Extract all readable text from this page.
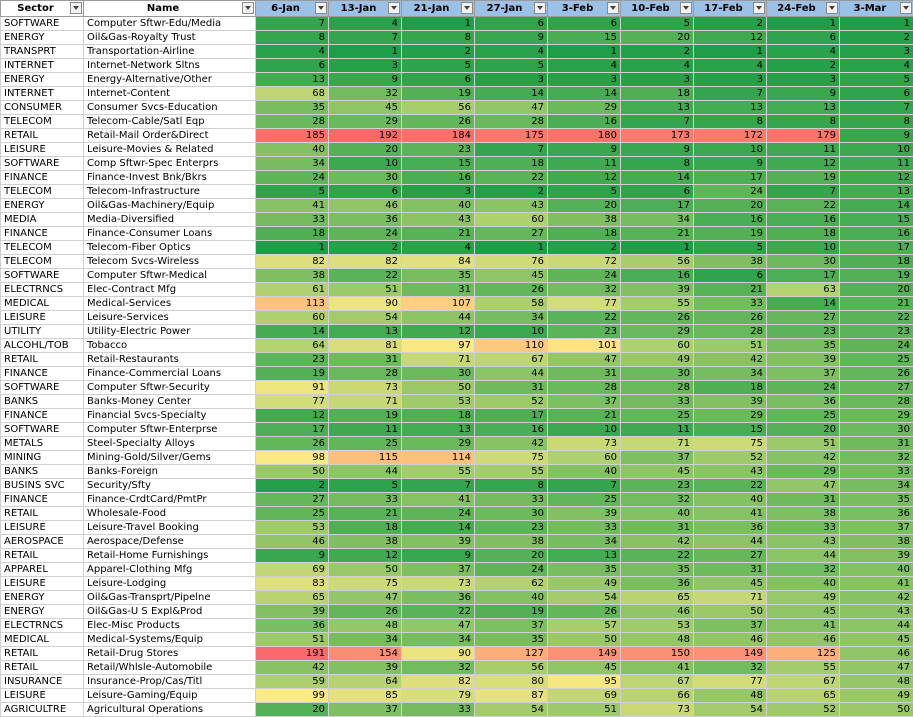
Sector	Name	6-Jan	13-Jan	21-Jan	27-Jan	3-Feb	10-Feb	17-Feb	24-Feb	3-Mar

SOFTWARE	Computer Sftwr-Edu/Media	7	4	1	6	6	5	2	1	1
ENERGY	Oil&Gas-Royalty Trust	8	7	8	9	15	20	12	6	2
TRANSPRT	Transportation-Airline	4	1	2	4	1	2	1	4	3
INTERNET	Internet-Network Sltns	6	3	5	5	4	4	4	2	4
ENERGY	Energy-Alternative/Other	13	9	6	3	3	3	3	3	5
INTERNET	Internet-Content	68	32	19	14	14	18	7	9	6
CONSUMER	Consumer Svcs-Education	35	45	56	47	29	13	13	13	7
TELECOM	Telecom-Cable/Satl Eqp	28	29	26	28	16	7	8	8	8
RETAIL	Retail-Mail Order&Direct	185	192	184	175	180	173	172	179	9
LEISURE	Leisure-Movies & Related	40	20	23	7	9	9	10	11	10
SOFTWARE	Comp Sftwr-Spec Enterprs	34	10	15	18	11	8	9	12	11
FINANCE	Finance-Invest Bnk/Bkrs	24	30	16	22	12	14	17	19	12
TELECOM	Telecom-Infrastructure	5	6	3	2	5	6	24	7	13
ENERGY	Oil&Gas-Machinery/Equip	41	46	40	43	20	17	20	22	14
MEDIA	Media-Diversified	33	36	43	60	38	34	16	16	15
FINANCE	Finance-Consumer Loans	18	24	21	27	18	21	19	18	16
TELECOM	Telecom-Fiber Optics	1	2	4	1	2	1	5	10	17
TELECOM	Telecom Svcs-Wireless	82	82	84	76	72	56	38	30	18
SOFTWARE	Computer Sftwr-Medical	38	22	35	45	24	16	6	17	19
ELECTRNCS	Elec-Contract Mfg	61	51	31	26	32	39	21	63	20
MEDICAL	Medical-Services	113	90	107	58	77	55	33	14	21
LEISURE	Leisure-Services	60	54	44	34	22	26	26	27	22
UTILITY	Utility-Electric Power	14	13	12	10	23	29	28	23	23
ALCOHL/TOB	Tobacco	64	81	97	110	101	60	51	35	24
RETAIL	Retail-Restaurants	23	31	71	67	47	49	42	39	25
FINANCE	Finance-Commercial Loans	19	28	30	44	31	30	34	37	26
SOFTWARE	Computer Sftwr-Security	91	73	50	31	28	28	18	24	27
BANKS	Banks-Money Center	77	71	53	52	37	33	39	36	28
FINANCE	Financial Svcs-Specialty	12	19	18	17	21	25	29	25	29
SOFTWARE	Computer Sftwr-Enterprse	17	11	13	16	10	11	15	20	30
METALS	Steel-Specialty Alloys	26	25	29	42	73	71	75	51	31
MINING	Mining-Gold/Silver/Gems	98	115	114	75	60	37	52	42	32
BANKS	Banks-Foreign	50	44	55	55	40	45	43	29	33
BUSINS SVC	Security/Sfty	2	5	7	8	7	23	22	47	34
FINANCE	Finance-CrdtCard/PmtPr	27	33	41	33	25	32	40	31	35
RETAIL	Wholesale-Food	25	21	24	30	39	40	41	38	36
LEISURE	Leisure-Travel Booking	53	18	14	23	33	31	36	33	37
AEROSPACE	Aerospace/Defense	46	38	39	38	34	42	44	43	38
RETAIL	Retail-Home Furnishings	9	12	9	20	13	22	27	44	39
APPAREL	Apparel-Clothing Mfg	69	50	37	24	35	35	31	32	40
LEISURE	Leisure-Lodging	83	75	73	62	49	36	45	40	41
ENERGY	Oil&Gas-Transprt/Pipelne	65	47	36	40	54	65	71	49	42
ENERGY	Oil&Gas-U S Expl&Prod	39	26	22	19	26	46	50	45	43
ELECTRNCS	Elec-Misc Products	36	48	47	37	57	53	37	41	44
MEDICAL	Medical-Systems/Equip	51	34	34	35	50	48	46	46	45
RETAIL	Retail-Drug Stores	191	154	90	127	149	150	149	125	46
RETAIL	Retail/Whlsle-Automobile	42	39	32	56	45	41	32	55	47
INSURANCE	Insurance-Prop/Cas/Titl	59	64	82	80	95	67	77	67	48
LEISURE	Leisure-Gaming/Equip	99	85	79	87	69	66	48	65	49
AGRICULTRE	Agricultural Operations	20	37	33	54	51	73	54	52	50
